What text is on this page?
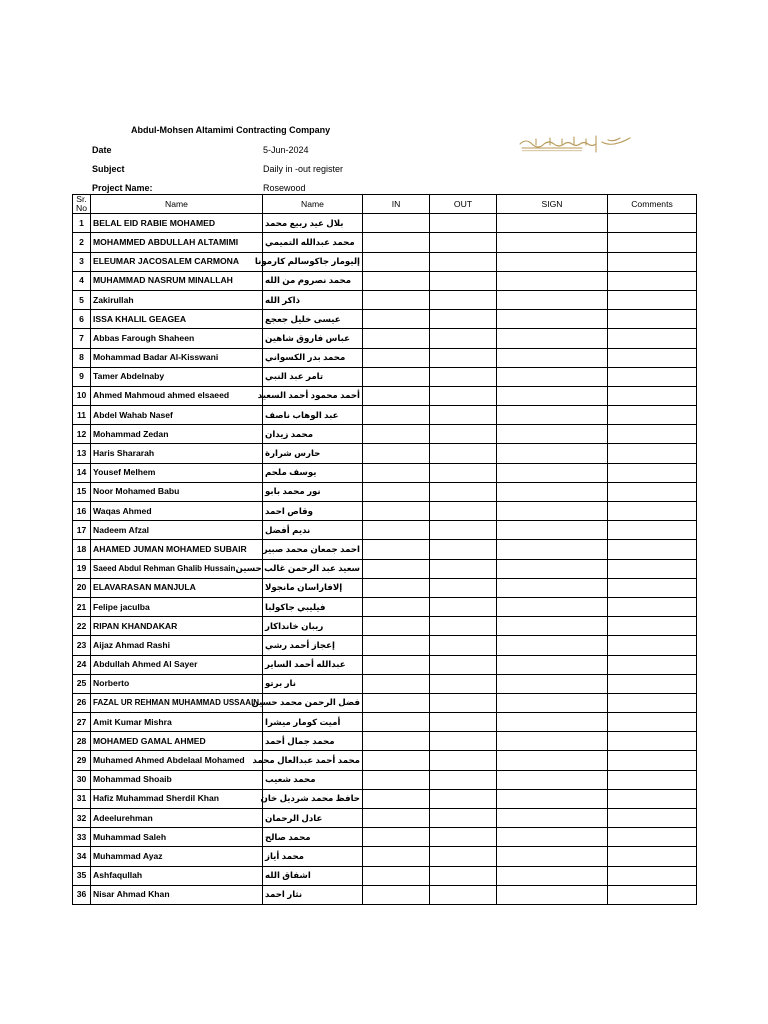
Abdul-Mohsen Altamimi Contracting Company
Date	5-Jun-2024
Subject	Daily in -out register
Project Name:	Rosewood
Sr.No	Name	Name	IN	OUT	SIGN	Comments
1	BELAL EID RABIE MOHAMED	بلال عيد ربيع محمد				
2	MOHAMMED ABDULLAH ALTAMIMI	محمد عبدالله التميمي				
3	ELEUMAR JACOSALEM CARMONA	إليومار جاكوسالم كارمونا				
4	MUHAMMAD NASRUM MINALLAH	محمد نصروم من الله				
5	Zakirullah	ذاكر الله				
6	ISSA KHALIL GEAGEA	عيسى خليل جعجع				
7	Abbas Farough Shaheen	عباس فاروق شاهين				
8	Mohammad Badar Al-Kisswani	محمد بدر الكسواني				
9	Tamer Abdelnaby	تامر عبد النبي				
10	Ahmed Mahmoud ahmed elsaeed	أحمد محمود أحمد السعيد				
11	Abdel Wahab Nasef	عبد الوهاب ناصف				
12	Mohammad Zedan	محمد زيدان				
13	Haris Shararah	حارس شرارة				
14	Yousef Melhem	يوسف ملحم				
15	Noor Mohamed Babu	نور محمد بابو				
16	Waqas Ahmed	وقاص احمد				
17	Nadeem Afzal	نديم أفضل				
18	AHAMED JUMAN MOHAMED SUBAIR	احمد جمعان محمد صبير				
19	Saeed Abdul Rehman Ghalib Hussain	سعيد عبد الرحمن غالب حسين				
20	ELAVARASAN MANJULA	إلافاراسان مانجولا				
21	Felipe jaculba	فيليبي جاكولبا				
22	RIPAN KHANDAKAR	ريبان خانداكار				
23	Aijaz Ahmad Rashi	إعجاز أحمد رشي				
24	Abdullah Ahmed Al Sayer	عبدالله أحمد الساير				
25	Norberto	نار برتو				
26	FAZAL UR REHMAN MUHAMMAD USSAAIN	فضل الرحمن محمد حسين				
27	Amit Kumar Mishra	أميت كومار ميشرا				
28	MOHAMED GAMAL AHMED	محمد جمال أحمد				
29	Muhamed Ahmed Abdelaal Mohamed	محمد أحمد عبدالعال محمد				
30	Mohammad Shoaib	محمد شعيب				
31	Hafiz Muhammad Sherdil Khan	حافظ محمد شرديل خان				
32	Adeelurehman	عادل الرحمان				
33	Muhammad Saleh	محمد صالح				
34	Muhammad Ayaz	محمد أياز				
35	Ashfaqullah	اشفاق الله				
36	Nisar Ahmad Khan	نثار احمد				
